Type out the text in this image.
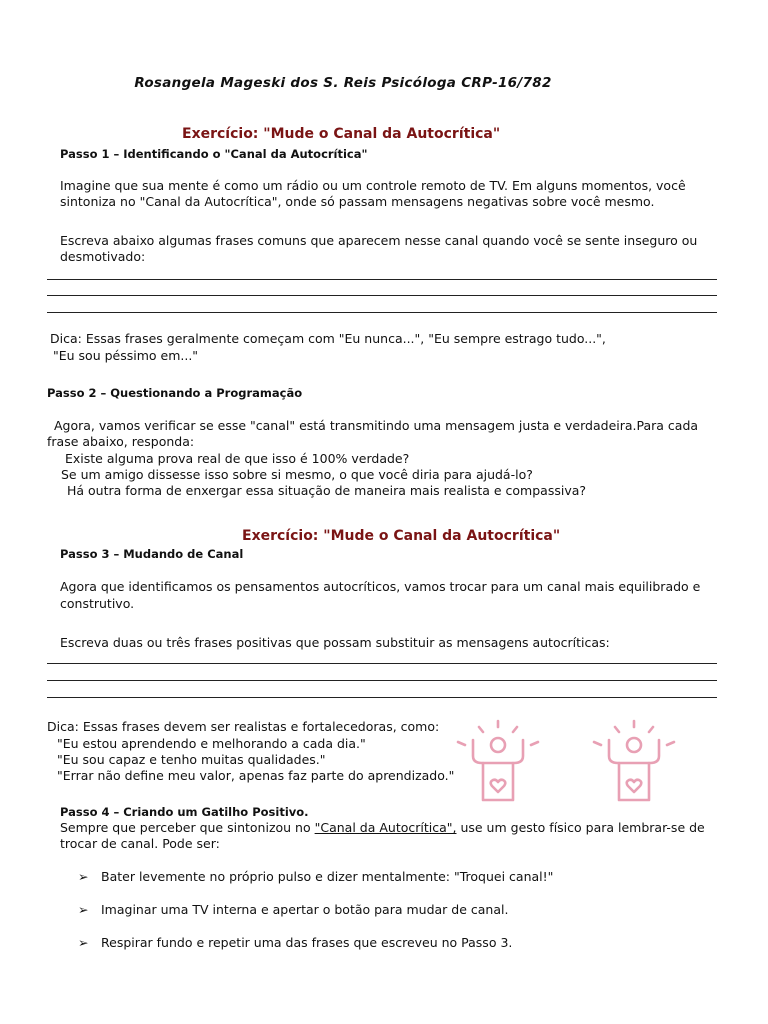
Rosangela Mageski dos S. Reis Psicóloga CRP-16/782
Exercício: "Mude o Canal da Autocrítica"
Passo 1 – Identificando o "Canal da Autocrítica"
Imagine que sua mente é como um rádio ou um controle remoto de TV. Em alguns momentos, você
sintoniza no "Canal da Autocrítica", onde só passam mensagens negativas sobre você mesmo.
Escreva abaixo algumas frases comuns que aparecem nesse canal quando você se sente inseguro ou
desmotivado:
Dica: Essas frases geralmente começam com "Eu nunca...", "Eu sempre estrago tudo...",
"Eu sou péssimo em..."
Passo 2 – Questionando a Programação
Agora, vamos verificar se esse "canal" está transmitindo uma mensagem justa e verdadeira.Para cada
frase abaixo, responda:
Existe alguma prova real de que isso é 100% verdade?
Se um amigo dissesse isso sobre si mesmo, o que você diria para ajudá-lo?
Há outra forma de enxergar essa situação de maneira mais realista e compassiva?
Exercício: "Mude o Canal da Autocrítica"
Passo 3 – Mudando de Canal
Agora que identificamos os pensamentos autocríticos, vamos trocar para um canal mais equilibrado e
construtivo.
Escreva duas ou três frases positivas que possam substituir as mensagens autocríticas:
Dica: Essas frases devem ser realistas e fortalecedoras, como:
"Eu estou aprendendo e melhorando a cada dia."
"Eu sou capaz e tenho muitas qualidades."
"Errar não define meu valor, apenas faz parte do aprendizado."
Passo 4 – Criando um Gatilho Positivo.
Sempre que perceber que sintonizou no "Canal da Autocrítica", use um gesto físico para lembrar-se de
trocar de canal. Pode ser:
➢ Bater levemente no próprio pulso e dizer mentalmente: "Troquei canal!"
➢ Imaginar uma TV interna e apertar o botão para mudar de canal.
➢ Respirar fundo e repetir uma das frases que escreveu no Passo 3.
